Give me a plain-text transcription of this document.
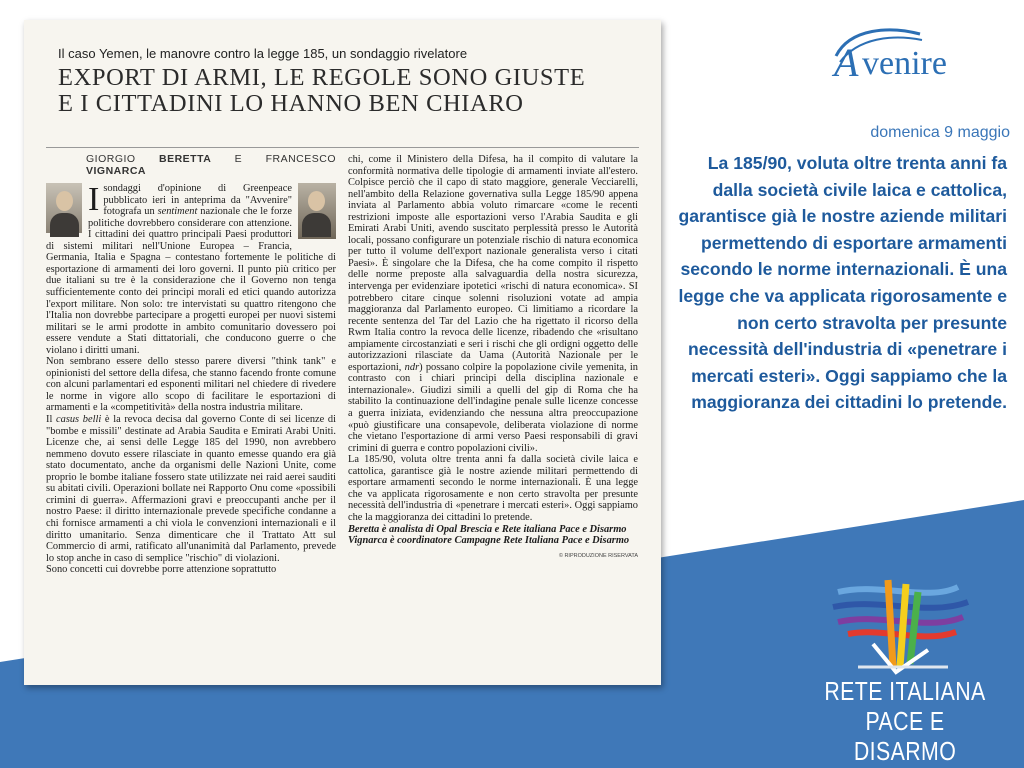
Il caso Yemen, le manovre contro la legge 185, un sondaggio rivelatore
EXPORT DI ARMI, LE REGOLE SONO GIUSTE
E I CITTADINI LO HANNO BEN CHIARO
GIORGIO BERETTA E FRANCESCO VIGNARCA

I sondaggi d'opinione di Greenpeace pubblicato ieri in anteprima da "Avvenire" fotografa un sentiment nazionale che le forze politiche dovrebbero considerare con attenzione. I cittadini dei quattro principali Paesi produttori di sistemi militari nell'Unione Europea – Francia, Germania, Italia e Spagna – contestano fortemente le politiche di esportazione di armamenti dei loro governi. Il punto più critico per due italiani su tre è la considerazione che il Governo non tenga sufficientemente conto dei princìpi morali ed etici quando autorizza l'export militare. Non solo: tre intervistati su quattro ritengono che l'Italia non dovrebbe partecipare a progetti europei per nuovi sistemi militari se le armi prodotte in ambito comunitario dovessero poi essere vendute a Stati dittatoriali, che conducono guerre o che violano i diritti umani.

Non sembrano essere dello stesso parere diversi "think tank" e opinionisti del settore della difesa, che stanno facendo fronte comune con alcuni parlamentari ed esponenti militari nel chiedere di rivedere le norme in vigore allo scopo di facilitare le esportazioni di armamenti e la «competitività» della nostra industria militare.

Il casus belli è la revoca decisa dal governo Conte di sei licenze di "bombe e missili" destinate ad Arabia Saudita e Emirati Arabi Uniti. Licenze che, ai sensi delle Legge 185 del 1990, non avrebbero nemmeno dovuto essere rilasciate in quanto emesse quando era già stato documentato, anche da organismi delle Nazioni Unite, come proprio le bombe italiane fossero state utilizzate nei raid aerei sauditi su abitati civili. Operazioni bollate nei Rapporto Onu come «possibili crimini di guerra». Affermazioni gravi e preoccupanti anche per il nostro Paese: il diritto internazionale prevede specifiche condanne a chi fornisce armamenti a chi viola le convenzioni internazionali e il diritto umanitario. Senza dimenticare che il Trattato Att sul Commercio di armi, ratificato all'unanimità dal Parlamento, prevede lo stop anche in caso di semplice "rischio" di violazioni.

Sono concetti cui dovrebbe porre attenzione soprattutto

chi, come il Ministero della Difesa, ha il compito di valutare la conformità normativa delle tipologie di armamenti inviate all'estero. Colpisce perciò che il capo di stato maggiore, generale Vecciarelli, nell'ambito della Relazione governativa sulla Legge 185/90 appena inviata al Parlamento abbia voluto rimarcare «come le recenti restrizioni imposte alle esportazioni verso l'Arabia Saudita e gli Emirati Arabi Uniti, avendo suscitato perplessità presso le Autorità locali, possano configurare un potenziale rischio di natura economica per tutto il volume dell'export nazionale generalista verso i citati Paesi». È singolare che la Difesa, che ha come compito il rispetto delle norme preposte alla salvaguardia della nostra sicurezza, intervenga per evidenziare ipotetici «rischi di natura economica». SI potrebbero citare cinque solenni risoluzioni votate ad ampia maggioranza dal Parlamento europeo. Ci limitiamo a ricordare la recente sentenza del Tar del Lazio che ha rigettato il ricorso della Rwm Italia contro la revoca delle licenze, ribadendo che «risultano ampiamente circostanziati e seri i rischi che gli ordigni oggetto delle autorizzazioni rilasciate da Uama (Autorità Nazionale per le esportazioni, ndr) possano colpire la popolazione civile yemenita, in contrasto con i chiari princìpi della disciplina nazionale e internazionale». Giudizi simili a quelli del gip di Roma che ha stabilito la continuazione dell'indagine penale sulle licenze concesse a guerra iniziata, evidenziando che nessuna altra preoccupazione «può giustificare una consapevole, deliberata violazione di norme che vietano l'esportazione di armi verso Paesi responsabili di gravi crimini di guerra e contro popolazioni civili».

La 185/90, voluta oltre trenta anni fa dalla società civile laica e cattolica, garantisce già le nostre aziende militari permettendo di esportare armamenti secondo le norme internazionali. È una legge che va applicata rigorosamente e non certo stravolta per presunte necessità dell'industria di «penetrare i mercati esteri». Oggi sappiamo che la maggioranza dei cittadini lo pretende.

Beretta è analista di Opal Brescia e Rete italiana Pace e Disarmo
Vignarca è coordinatore Campagne Rete Italiana Pace e Disarmo

© RIPRODUZIONE RISERVATA
A venire
domenica 9 maggio
La 185/90, voluta oltre trenta anni fa dalla società civile laica e cattolica, garantisce già le nostre aziende militari permettendo di esportare armamenti secondo le norme internazionali. È una legge che va applicata rigorosamente e non certo stravolta per presunte necessità dell'industria di «penetrare i mercati esteri». Oggi sappiamo che la maggioranza dei cittadini lo pretende.
RETE ITALIANA
PACE E DISARMO
